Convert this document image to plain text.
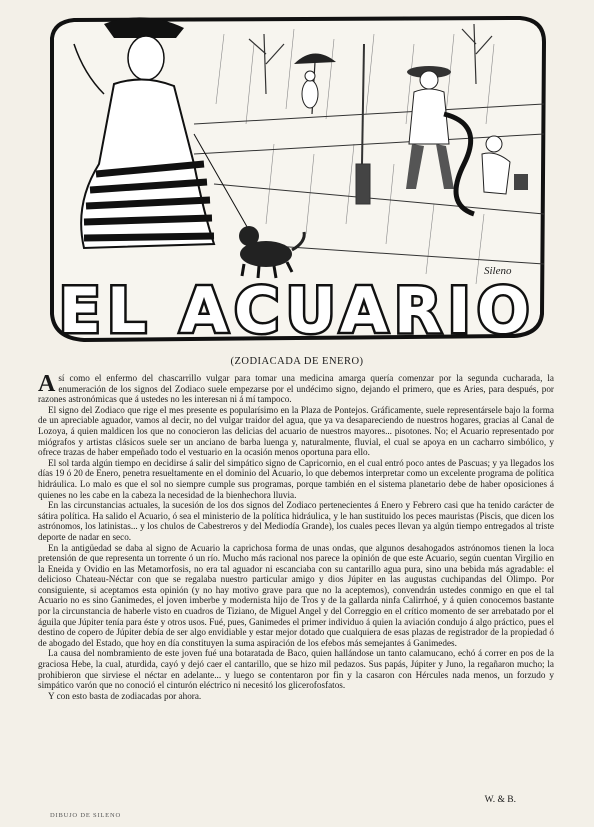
Sileno
EL ACUARIO
(ZODIACADA DE ENERO)

Así como el enfermo del chascarrillo vulgar para tomar una medicina amarga quería comenzar por la segunda cucharada, la enumeración de los signos del Zodiaco suele empezarse por el undécimo signo, dejando el primero, que es Aries, para después, por razones astronómicas que á ustedes no les interesan ni á mí tampoco.

El signo del Zodiaco que rige el mes presente es popularísimo en la Plaza de Pontejos. Gráficamente, suele representársele bajo la forma de un apreciable aguador, vamos al decir, no del vulgar traidor del agua, que ya va desapareciendo de nuestros hogares, gracias al Canal de Lozoya, á quien maldicen los que no conocieron las delicias del acuario de nuestros mayores... pisotones. No; el Acuario representado por miógrafos y artistas clásicos suele ser un anciano de barba luenga y, naturalmente, fluvial, el cual se apoya en un cacharro simbólico, y ofrece trazas de haber empeñado todo el vestuario en la ocasión menos oportuna para ello.

El sol tarda algún tiempo en decidirse á salir del simpático signo de Capricornio, en el cual entró poco antes de Pascuas; y ya llegados los días 19 ó 20 de Enero, penetra resueltamente en el dominio del Acuario, lo que debemos interpretar como un excelente programa de política hidráulica. Lo malo es que el sol no siempre cumple sus programas, porque también en el sistema planetario debe de haber oposiciones á quienes no les cabe en la cabeza la necesidad de la bienhechora lluvia.

En las circunstancias actuales, la sucesión de los dos signos del Zodiaco pertenecientes á Enero y Febrero casi que ha tenido carácter de sátira política. Ha salido el Acuario, ó sea el ministerio de la política hidráulica, y le han sustituido los peces mauristas (Piscis, que dicen los astrónomos, los latinistas... y los chulos de Cabestreros y del Mediodía Grande), los cuales peces llevan ya algún tiempo entregados al triste deporte de nadar en seco.

En la antigüedad se daba al signo de Acuario la caprichosa forma de unas ondas, que algunos desahogados astrónomos tienen la loca pretensión de que representa un torrente ó un río. Mucho más racional nos parece la opinión de que este Acuario, según cuentan Virgilio en la Eneida y Ovidio en las Metamorfosis, no era tal aguador ni escanciaba con su cantarillo agua pura, sino una bebida más agradable: el delicioso Chateau-Néctar con que se regalaba nuestro particular amigo y dios Júpiter en las augustas cuchipandas del Olimpo. Por consiguiente, si aceptamos esta opinión (y no hay motivo grave para que no la aceptemos), convendrán ustedes conmigo en que el tal Acuario no es sino Ganimedes, el joven imberbe y modernista hijo de Tros y de la gallarda ninfa Calirrhoé, y á quien conocemos bastante por la circunstancia de haberle visto en cuadros de Tiziano, de Miguel Angel y del Correggio en el crítico momento de ser arrebatado por el águila que Júpiter tenía para éste y otros usos. Fué, pues, Ganimedes el primer individuo á quien la aviación condujo á algo práctico, pues el destino de copero de Júpiter debía de ser algo envidiable y estar mejor dotado que cualquiera de esas plazas de registrador de la propiedad ó de abogado del Estado, que hoy en día constituyen la suma aspiración de los efebos más semejantes á Ganimedes.

La causa del nombramiento de este joven fué una botaratada de Baco, quien hallándose un tanto calamucano, echó á correr en pos de la graciosa Hebe, la cual, aturdida, cayó y dejó caer el cantarillo, que se hizo mil pedazos. Sus papás, Júpiter y Juno, la regañaron mucho; la prohibieron que sirviese el néctar en adelante... y luego se contentaron por fin y la casaron con Hércules nada menos, un forzudo y simpático varón que no conoció el cinturón eléctrico ni necesitó los glicerofosfatos.

Y con esto basta de zodiacadas por ahora.

W. & B.
DIBUJO DE SILENO
